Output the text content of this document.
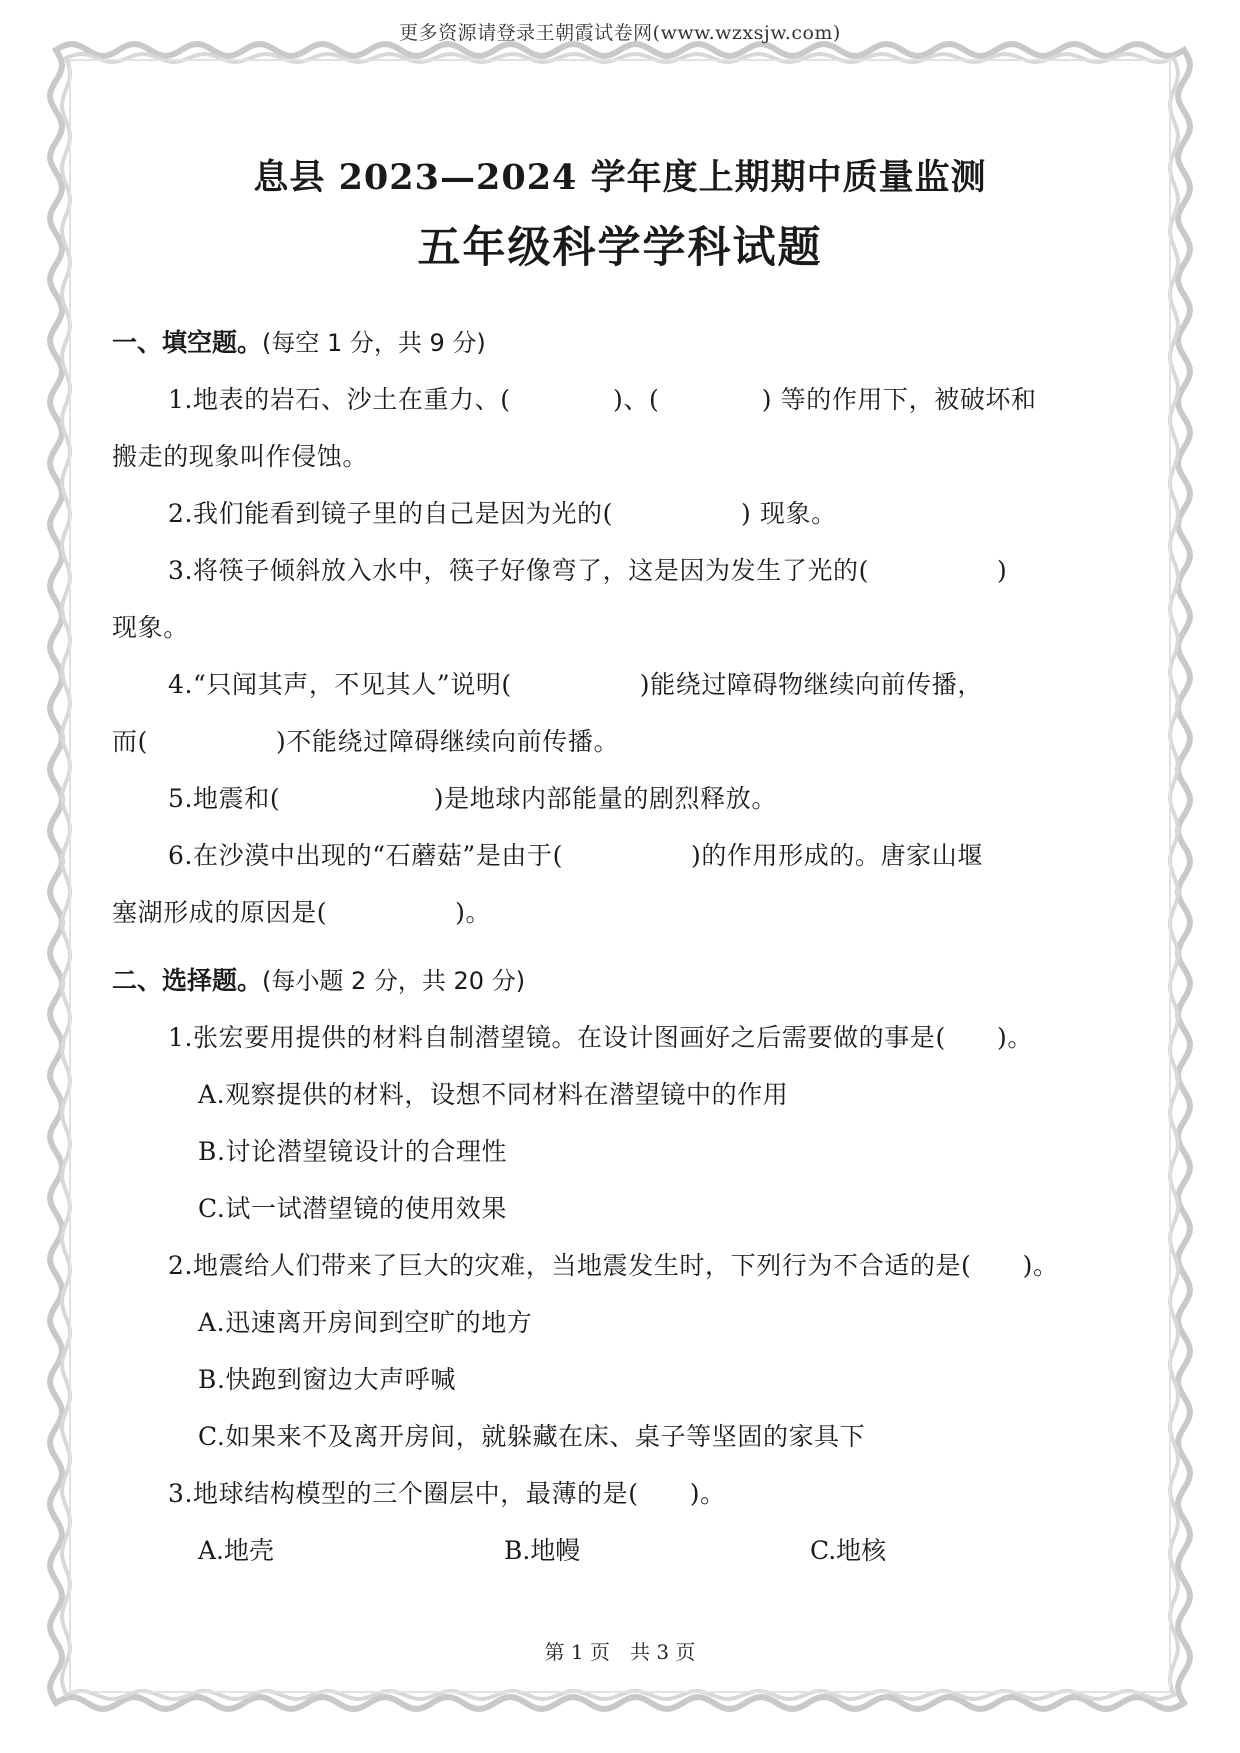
更多资源请登录王朝霞试卷网(www.wzxsjw.com)
息县 2023—2024 学年度上期期中质量监测
五年级科学学科试题
一、填空题。(每空 1 分，共 9 分)
1.地表的岩石、沙土在重力、(　　　　)、(　　　　) 等的作用下，被破坏和
搬走的现象叫作侵蚀。
2.我们能看到镜子里的自己是因为光的(　　　　　) 现象。
3.将筷子倾斜放入水中，筷子好像弯了，这是因为发生了光的(　　　　　)
现象。
4.“只闻其声，不见其人”说明(　　　　　)能绕过障碍物继续向前传播，
而(　　　　　)不能绕过障碍继续向前传播。
5.地震和(　　　　　　)是地球内部能量的剧烈释放。
6.在沙漠中出现的“石蘑菇”是由于(　　　　　)的作用形成的。唐家山堰
塞湖形成的原因是(　　　　　)。
二、选择题。(每小题 2 分，共 20 分)
1.张宏要用提供的材料自制潜望镜。在设计图画好之后需要做的事是(　　)。
A.观察提供的材料，设想不同材料在潜望镜中的作用
B.讨论潜望镜设计的合理性
C.试一试潜望镜的使用效果
2.地震给人们带来了巨大的灾难，当地震发生时，下列行为不合适的是(　　)。
A.迅速离开房间到空旷的地方
B.快跑到窗边大声呼喊
C.如果来不及离开房间，就躲藏在床、桌子等坚固的家具下
3.地球结构模型的三个圈层中，最薄的是(　　)。
A.地壳	B.地幔	C.地核
第 1 页　共 3 页
